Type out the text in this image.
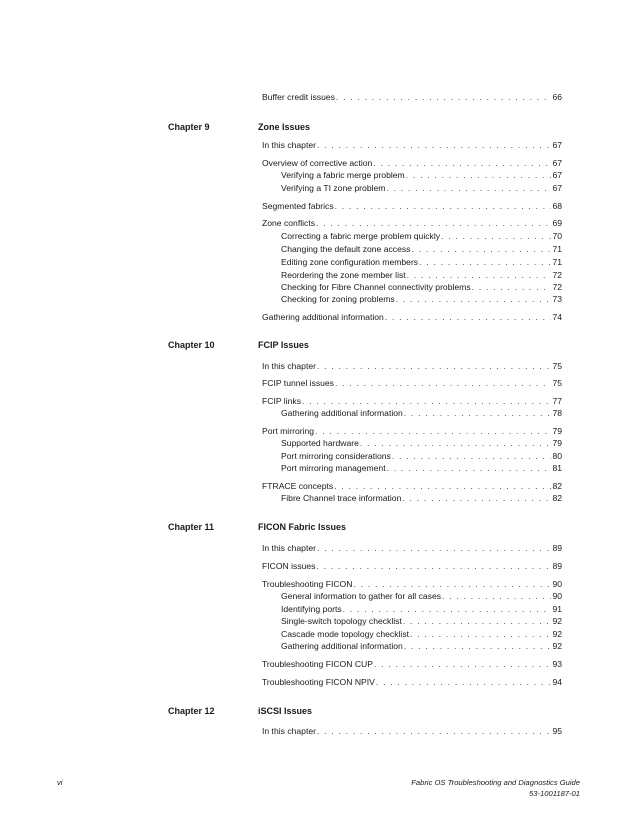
Buffer credit issues . . .	66
Chapter 9	Zone Issues
In this chapter . . .	67
Overview of corrective action . . .	67
Verifying a fabric merge problem . . .	67
Verifying a TI zone problem . . .	67
Segmented fabrics . . .	68
Zone conflicts . . .	69
Correcting a fabric merge problem quickly . . .	70
Changing the default zone access . . .	71
Editing zone configuration members . . .	71
Reordering the zone member list . . .	72
Checking for Fibre Channel connectivity problems . . .	72
Checking for zoning problems . . .	73
Gathering additional information . . .	74
Chapter 10	FCIP Issues
In this chapter . . .	75
FCIP tunnel issues . . .	75
FCIP links . . .	77
Gathering additional information . . .	78
Port mirroring . . .	79
Supported hardware . . .	79
Port mirroring considerations . . .	80
Port mirroring management . . .	81
FTRACE concepts . . .	82
Fibre Channel trace information . . .	82
Chapter 11	FICON Fabric Issues
In this chapter . . .	89
FICON issues . . .	89
Troubleshooting FICON . . .	90
General information to gather for all cases . . .	90
Identifying ports . . .	91
Single-switch topology checklist . . .	92
Cascade mode topology checklist . . .	92
Gathering additional information . . .	92
Troubleshooting FICON CUP . . .	93
Troubleshooting FICON NPIV . . .	94
Chapter 12	iSCSI Issues
In this chapter . . .	95
vi	Fabric OS Troubleshooting and Diagnostics Guide
53-1001187-01
